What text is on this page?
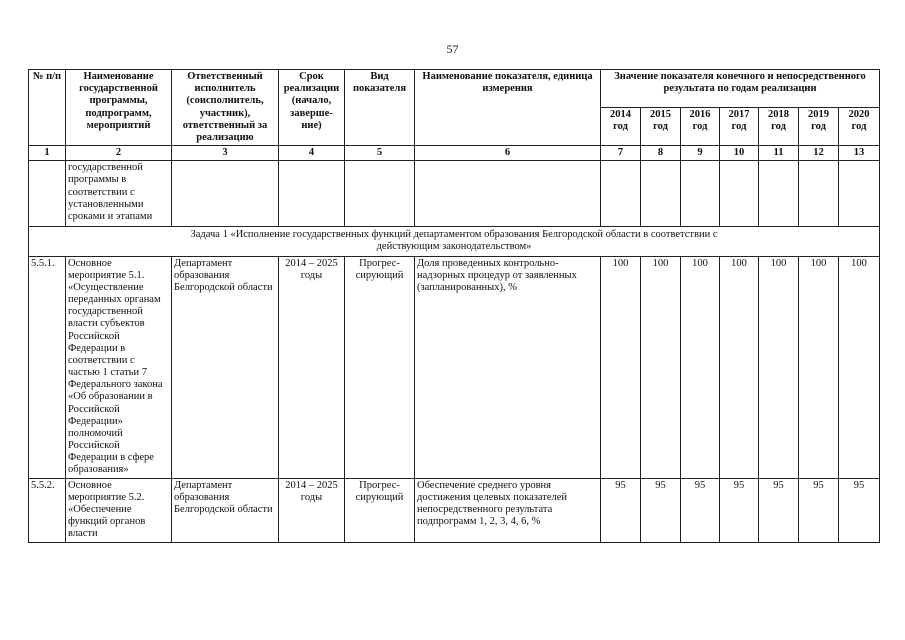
57
№ п/п	Наименование государственной программы, подпрограмм, мероприятий	Ответственный исполнитель (соисполнитель, участник), ответственный за реализацию	Срок реализации (начало, заверше-ние)	Вид показателя	Наименование показателя, единица измерения	Значение показателя конечного и непосредственного результата по годам реализации						
						2014 год	2015 год	2016 год	2017 год	2018 год	2019 год	2020 год
1	2	3	4	5	6	7	8	9	10	11	12	13
	государственной программы в соответствии с установленными сроками и этапами											
Задача 1 «Исполнение государственных функций департаментом образования Белгородской области в соответствии с действующим законодательством»												
5.5.1.	Основное мероприятие 5.1. «Осуществление переданных органам государственной власти субъектов Российской Федерации в соответствии с частью 1 статьи 7 Федерального закона «Об образовании в Российской Федерации» полномочий Российской Федерации в сфере образования»	Департамент образования Белгородской области	2014 – 2025 годы	Прогрес-сирующий	Доля проведенных контрольно-надзорных процедур от заявленных (запланированных), %	100	100	100	100	100	100	100
5.5.2.	Основное мероприятие 5.2. «Обеспечение функций органов власти	Департамент образования Белгородской области	2014 – 2025 годы	Прогрес-сирующий	Обеспечение среднего уровня достижения целевых показателей непосредственного результата подпрограмм 1, 2, 3, 4, 6, %	95	95	95	95	95	95	95
